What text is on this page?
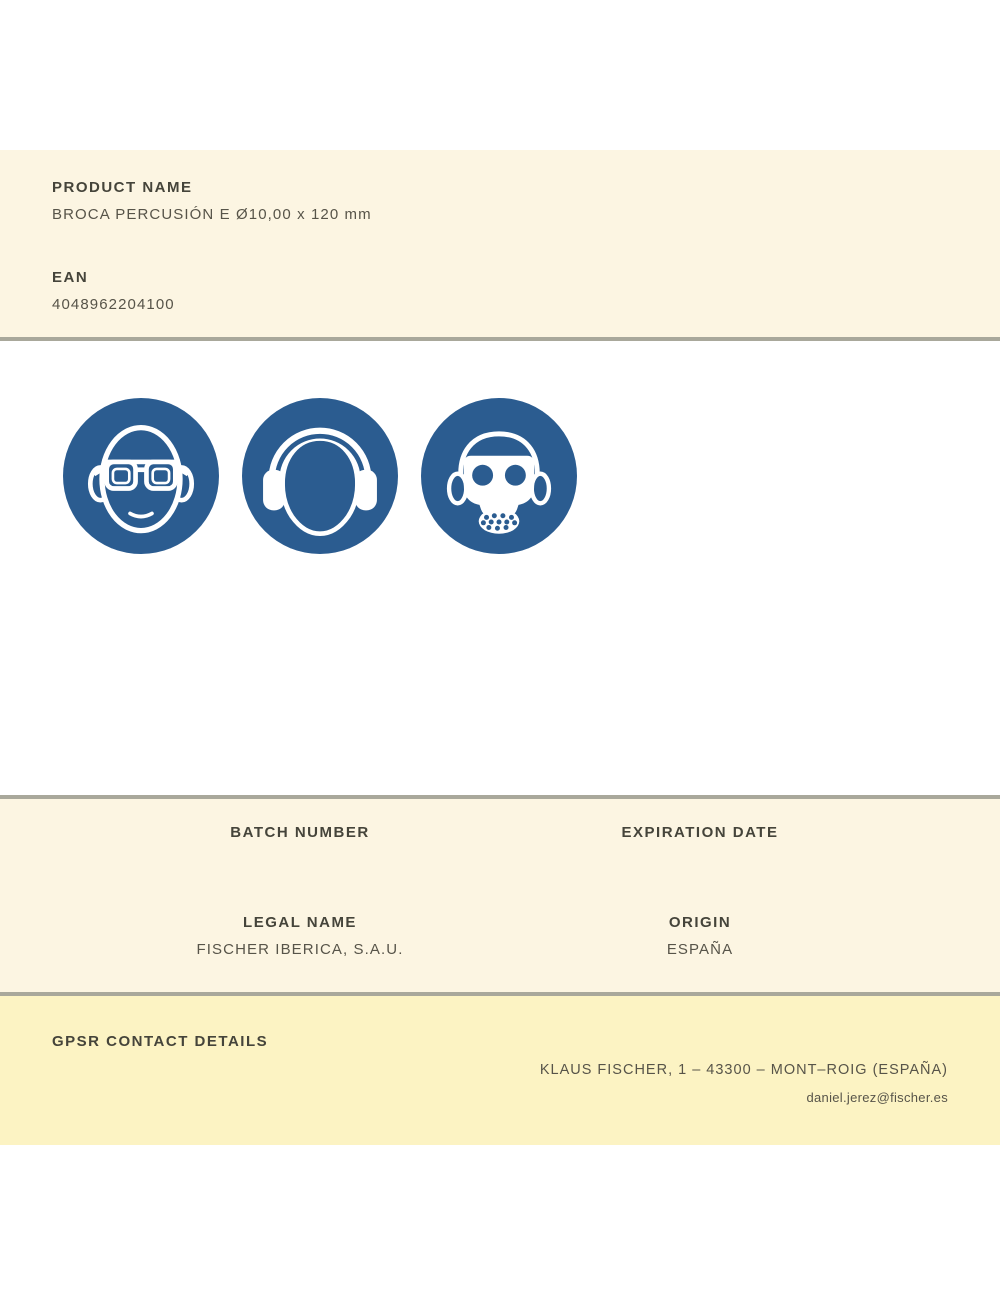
PRODUCT NAME
BROCA PERCUSIÓN E Ø10,00 x 120 mm
EAN
4048962204100
BATCH NUMBER
LEGAL NAME
FISCHER IBERICA, S.A.U.
EXPIRATION DATE
ORIGIN
ESPAÑA
GPSR CONTACT DETAILS
KLAUS FISCHER, 1 – 43300 – MONT–ROIG (ESPAÑA)
daniel.jerez@fischer.es
